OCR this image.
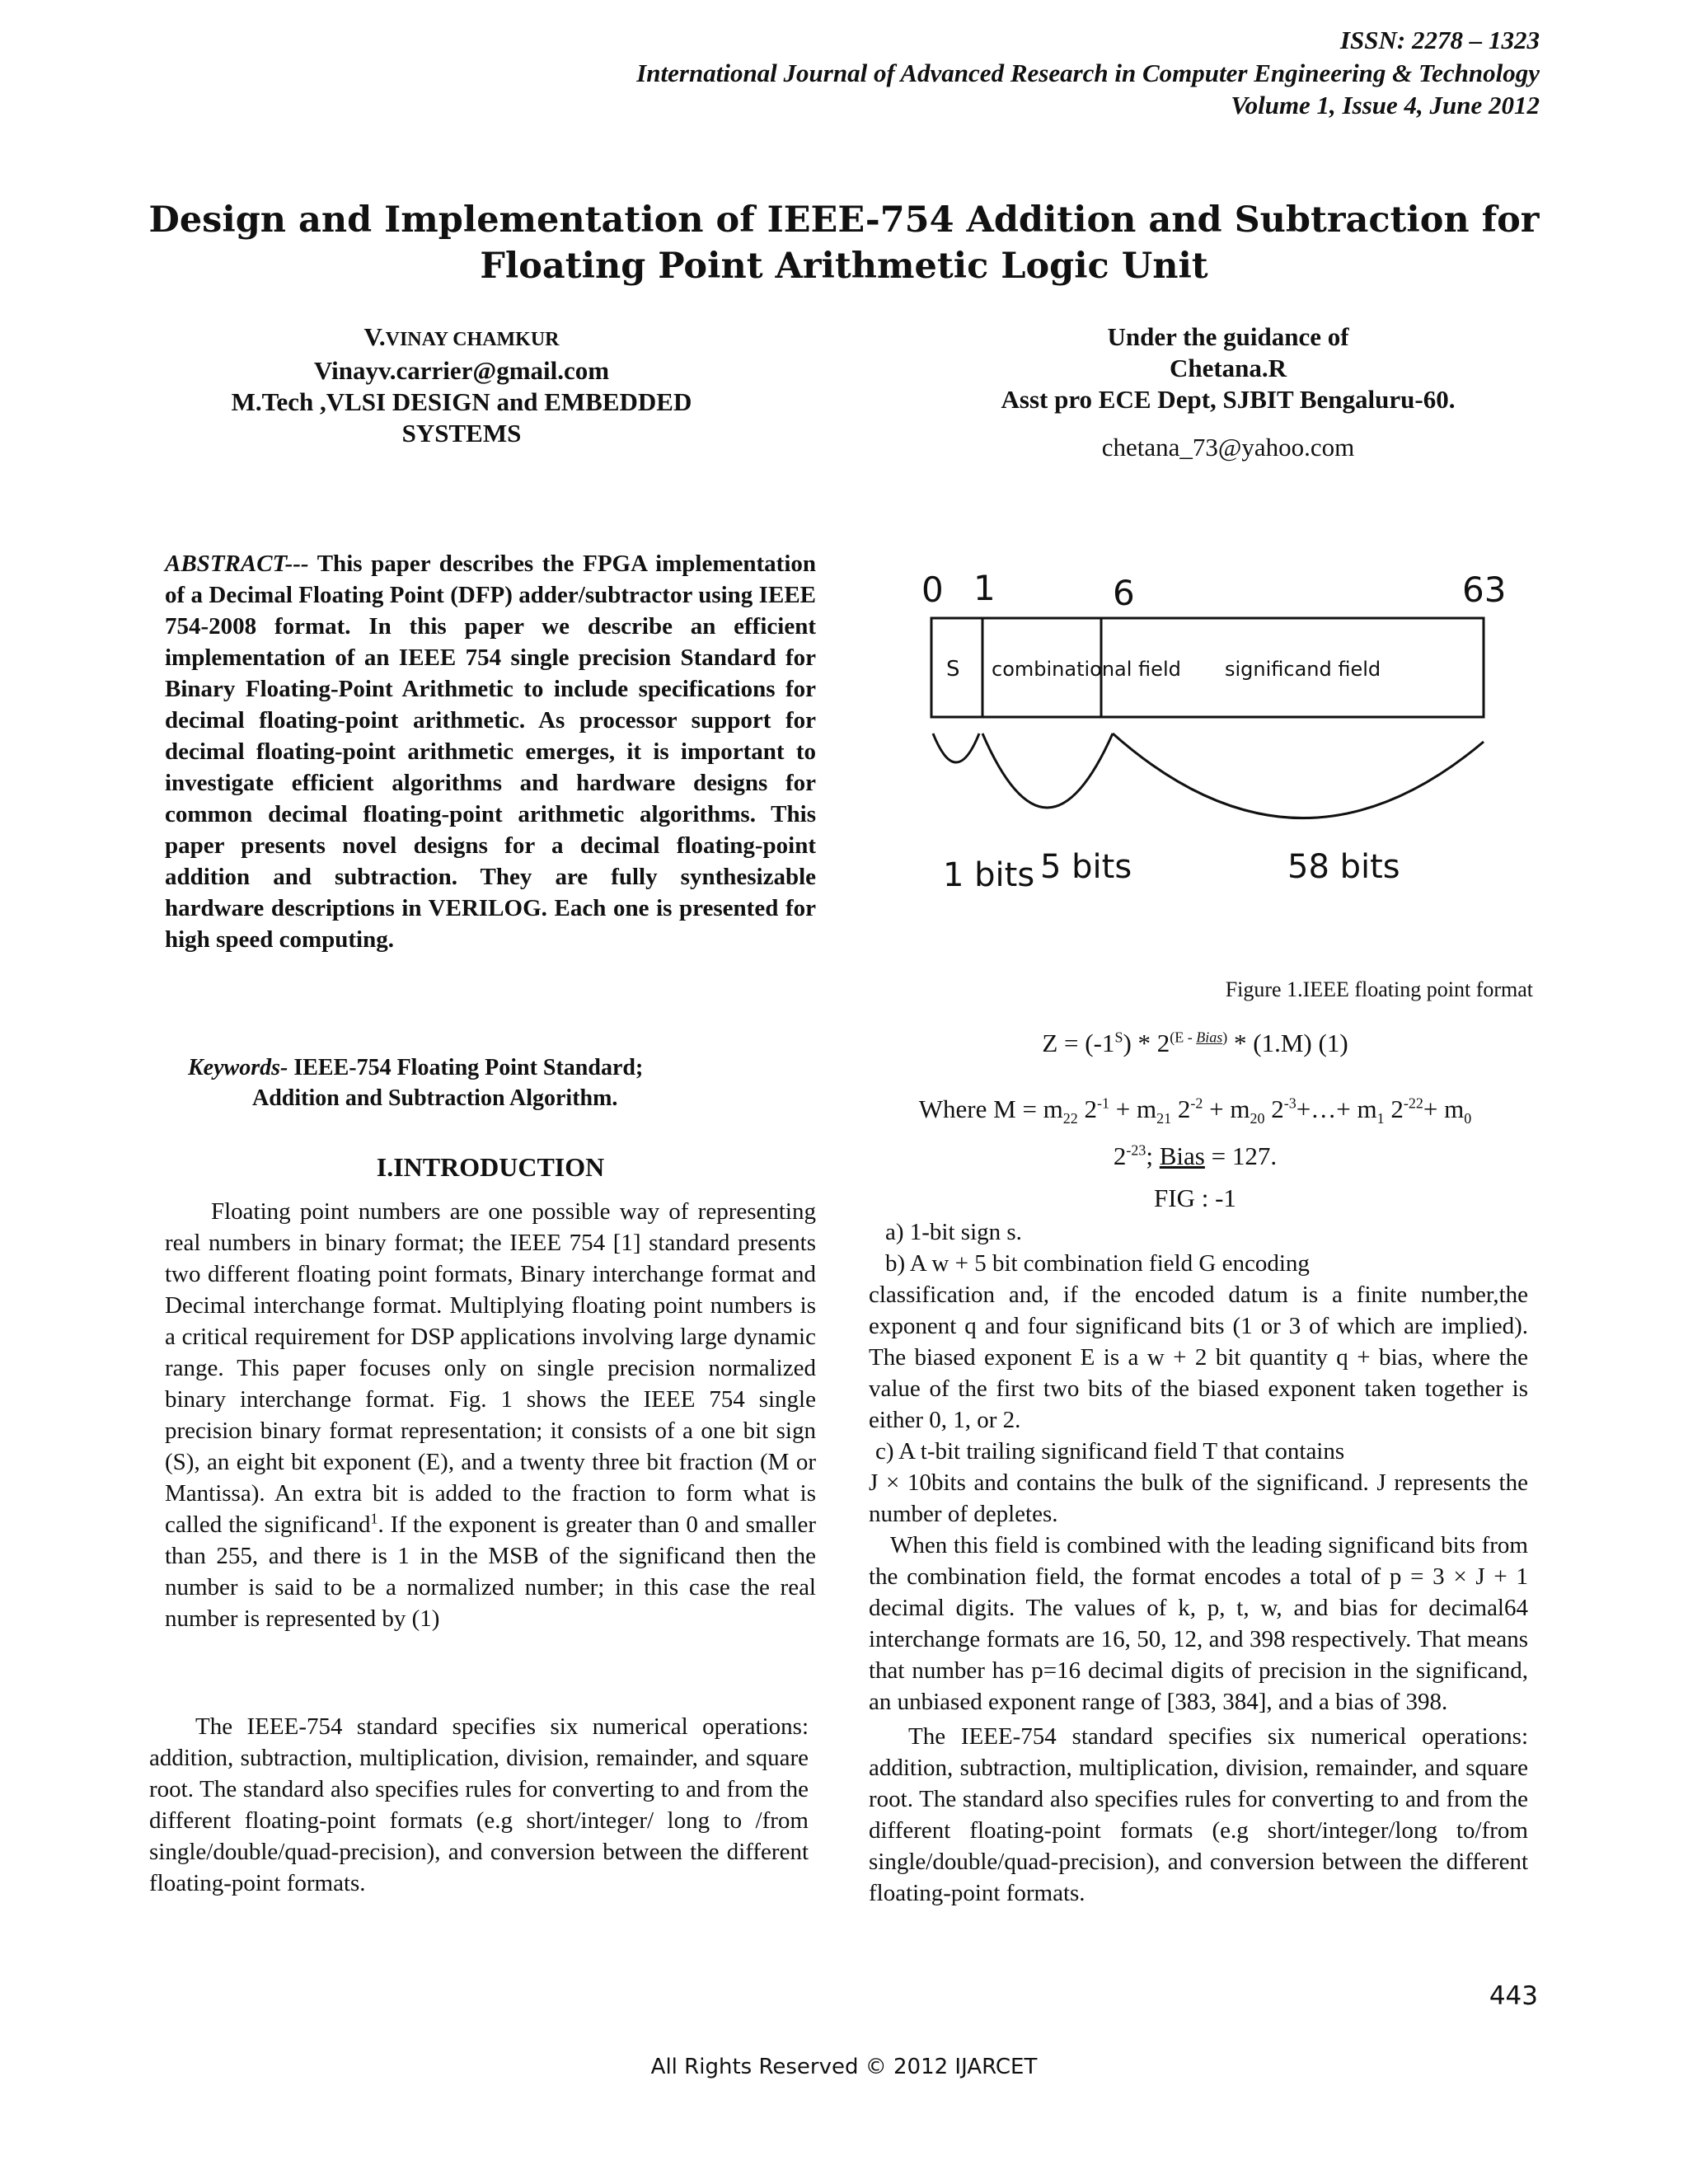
ISSN: 2278 – 1323
International Journal of Advanced Research in Computer Engineering & Technology
Volume 1, Issue 4, June 2012
Design and Implementation of IEEE-754 Addition and Subtraction for
Floating Point Arithmetic Logic Unit
V.VINAY CHAMKUR
Vinayv.carrier@gmail.com
M.Tech ,VLSI DESIGN and EMBEDDED
SYSTEMS
Under the guidance of
Chetana.R
Asst pro ECE Dept, SJBIT Bengaluru-60.
chetana_73@yahoo.com
ABSTRACT--- This paper describes the FPGA implementation of a Decimal Floating Point (DFP) adder/subtractor using IEEE 754-2008 format. In this paper we describe an efficient implementation of an IEEE 754 single precision Standard for Binary Floating-Point Arithmetic to include specifications for decimal floating-point arithmetic. As processor support for decimal floating-point arithmetic emerges, it is important to investigate efficient algorithms and hardware designs for common decimal floating-point arithmetic algorithms. This paper presents novel designs for a decimal floating-point addition and subtraction. They are fully synthesizable hardware descriptions in VERILOG. Each one is presented for high speed computing.
Keywords- IEEE-754 Floating Point Standard;
Addition and Subtraction Algorithm.
I.INTRODUCTION

Floating point numbers are one possible way of representing real numbers in binary format; the IEEE 754 [1] standard presents two different floating point formats, Binary interchange format and Decimal interchange format. Multiplying floating point numbers is a critical requirement for DSP applications involving large dynamic range. This paper focuses only on single precision normalized binary interchange format. Fig. 1 shows the IEEE 754 single precision binary format representation; it consists of a one bit sign (S), an eight bit exponent (E), and a twenty three bit fraction (M or Mantissa). An extra bit is added to the fraction to form what is called the significand$^1$. If the exponent is greater than 0 and smaller than 255, and there is 1 in the MSB of the significand then the number is said to be a normalized number; in this case the real number is represented by (1)

The IEEE-754 standard specifies six numerical operations: addition, subtraction, multiplication, division, remainder, and square root. The standard also specifies rules for converting to and from the different floating-point formats (e.g short/integer/ long to /from single/double/quad-precision), and conversion between the different floating-point formats.

0 1	6	63
S combinational field significand field
1 bits 5 bits	58 bits
Figure 1.IEEE floating point format
$Z = (-1^S) * 2^{(E - Bias)} * (1.M)$ (1)
Where $M = m_{22}$ $2^{-1} + m_{21}$ $2^{-2} + m_{20}$ $2^{-3}+\dots+ m_1$ $2^{-22}+ m_0$
$2^{-23}$; Bias = 127.
FIG : -1

a) 1-bit sign s.

b) A w + 5 bit combination field G encoding

classification and, if the encoded datum is a finite number,the exponent q and four significand bits (1 or 3 of which are implied). The biased exponent E is a w + 2 bit quantity q + bias, where the value of the first two bits of the biased exponent taken together is either 0, 1, or 2.

c) A t-bit trailing significand field T that contains

J × 10bits and contains the bulk of the significand. J represents the number of depletes.

When this field is combined with the leading significand bits from the combination field, the format encodes a total of p = 3 × J + 1 decimal digits. The values of k, p, t, w, and bias for decimal64 interchange formats are 16, 50, 12, and 398 respectively. That means that number has p=16 decimal digits of precision in the significand, an unbiased exponent range of [383, 384], and a bias of 398.

The IEEE-754 standard specifies six numerical operations: addition, subtraction, multiplication, division, remainder, and square root. The standard also specifies rules for converting to and from the different floating-point formats (e.g short/integer/long to/from single/double/quad-precision), and conversion between the different floating-point formats.

443
All Rights Reserved © 2012 IJARCET
